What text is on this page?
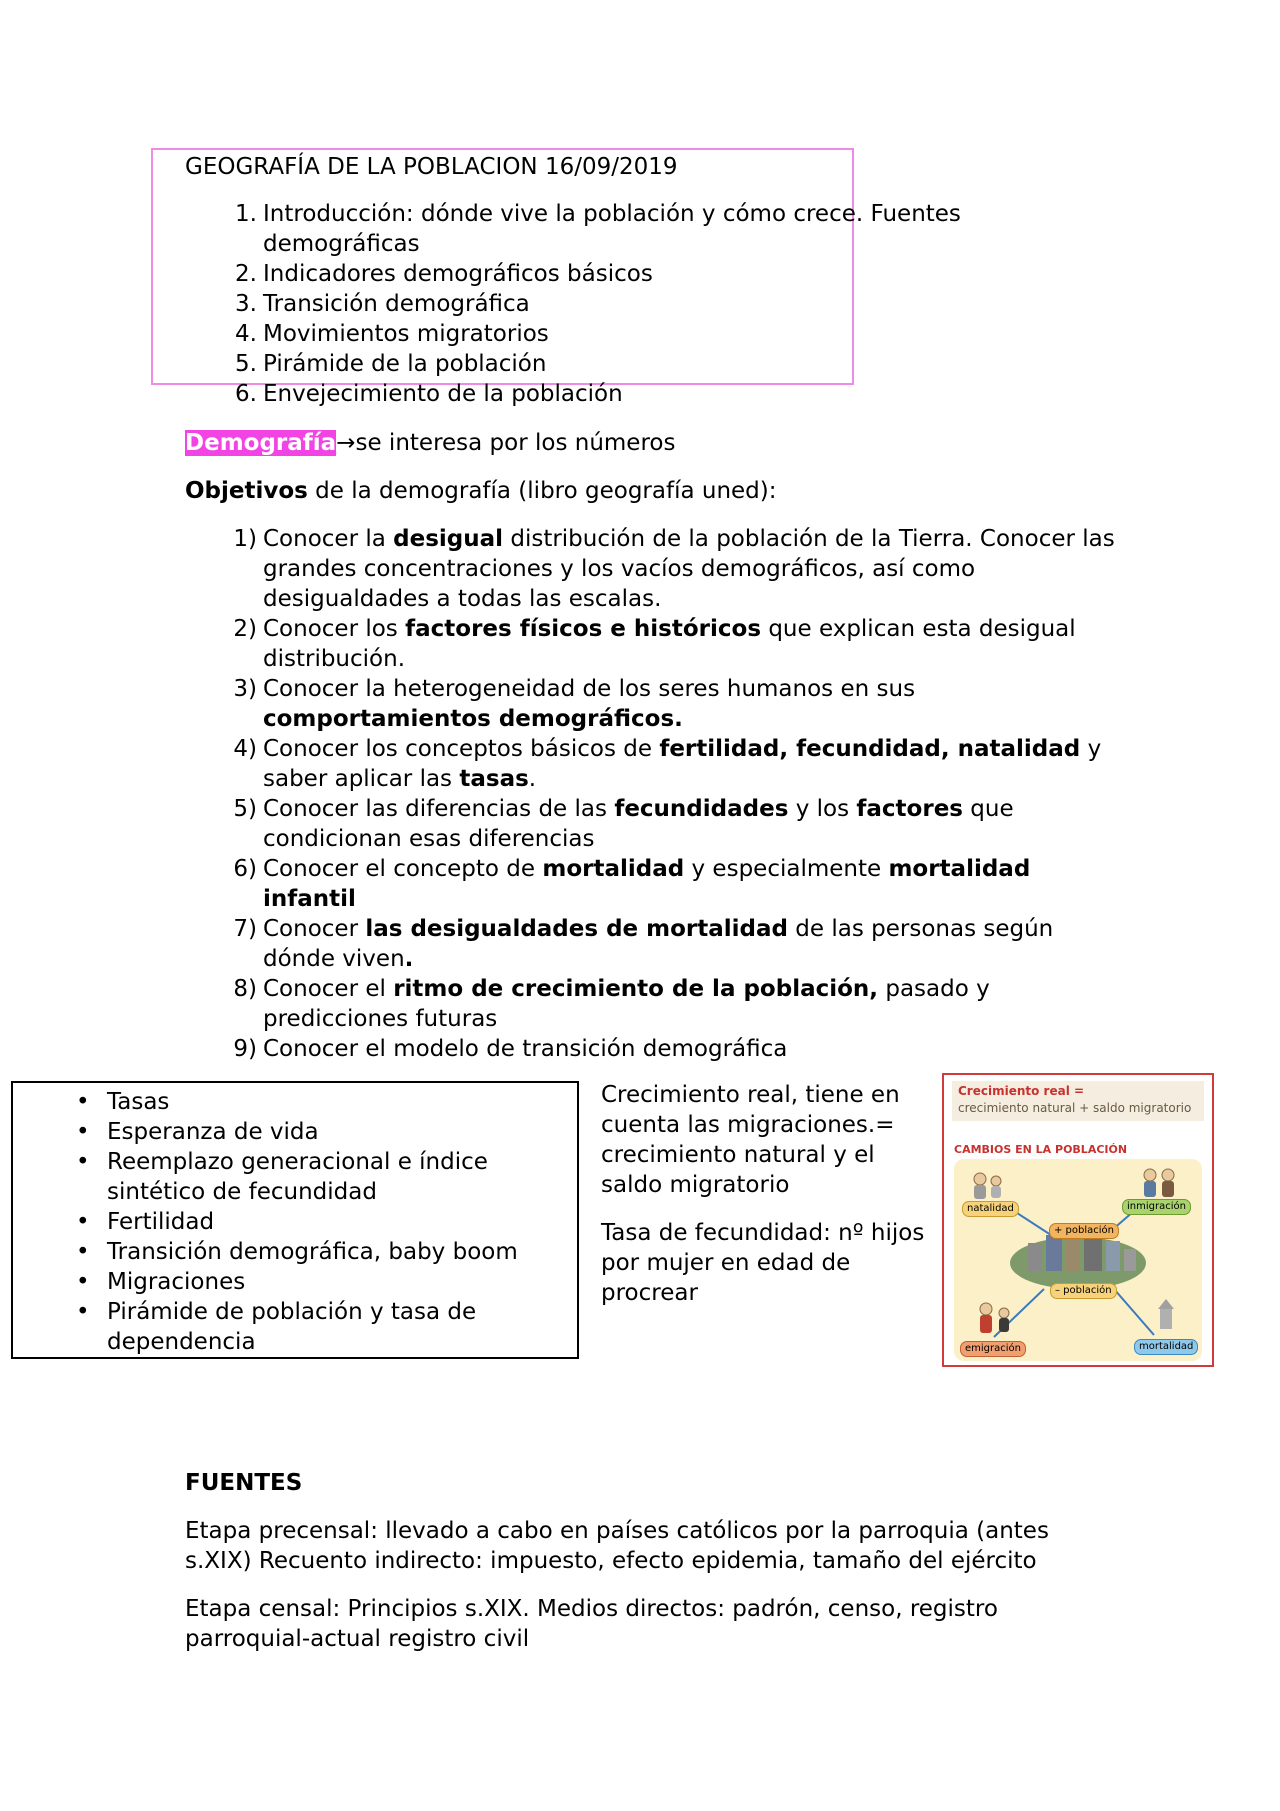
GEOGRAFÍA DE LA POBLACION 16/09/2019
1. Introducción: dónde vive la población y cómo crece. Fuentes demográficas
2. Indicadores demográficos básicos
3. Transición demográfica
4. Movimientos migratorios
5. Pirámide de la población
6. Envejecimiento de la población
Demografía→se interesa por los números
Objetivos de la demografía (libro geografía uned):
1) Conocer la desigual distribución de la población de la Tierra. Conocer las grandes concentraciones y los vacíos demográficos, así como desigualdades a todas las escalas.
2) Conocer los factores físicos e históricos que explican esta desigual distribución.
3) Conocer la heterogeneidad de los seres humanos en sus comportamientos demográficos.
4) Conocer los conceptos básicos de fertilidad, fecundidad, natalidad y saber aplicar las tasas.
5) Conocer las diferencias de las fecundidades y los factores que condicionan esas diferencias
6) Conocer el concepto de mortalidad y especialmente mortalidad infantil
7) Conocer las desigualdades de mortalidad de las personas según dónde viven.
8) Conocer el ritmo de crecimiento de la población, pasado y predicciones futuras
9) Conocer el modelo de transición demográfica
• Tasas
• Esperanza de vida
• Reemplazo generacional e índice sintético de fecundidad
• Fertilidad
• Transición demográfica, baby boom
• Migraciones
• Pirámide de población y tasa de dependencia

Crecimiento real, tiene en cuenta las migraciones.= crecimiento natural y el saldo migratorio

Tasa de fecundidad: nº hijos por mujer en edad de procrear

Crecimiento real =
crecimiento natural + saldo migratorio
CAMBIOS EN LA POBLACIÓN
natalidad	inmigración
+ población
– población
emigración	mortalidad
FUENTES
Etapa precensal: llevado a cabo en países católicos por la parroquia (antes s.XIX) Recuento indirecto: impuesto, efecto epidemia, tamaño del ejército
Etapa censal: Principios s.XIX. Medios directos: padrón, censo, registro parroquial-actual registro civil
